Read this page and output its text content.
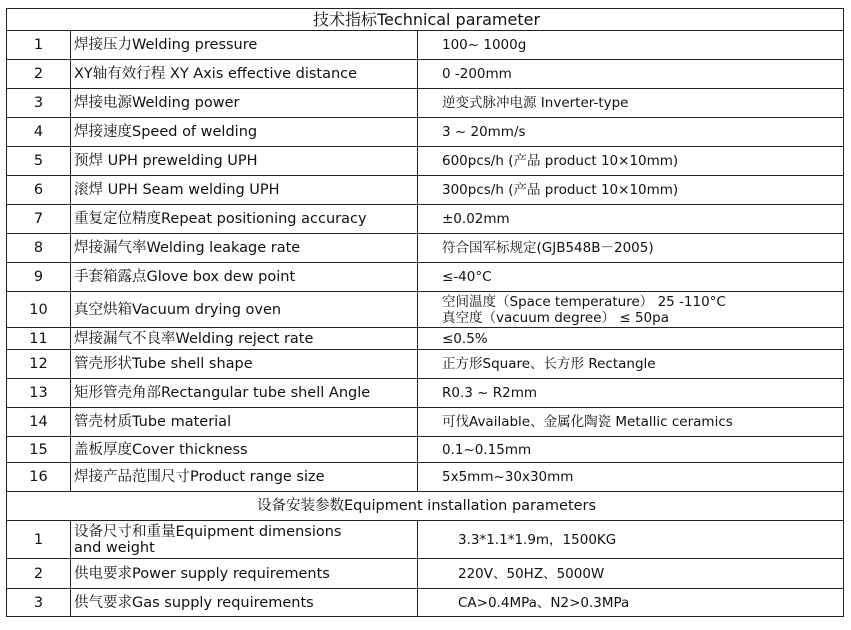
技术指标Technical parameter		
1	焊接压力Welding pressure	100~ 1000g
2	XY轴有效行程 XY Axis effective distance	0 -200mm
3	焊接电源Welding power	逆变式脉冲电源 Inverter-type
4	焊接速度Speed of welding	3 ~ 20mm/s
5	预焊 UPH prewelding UPH	600pcs/h (产品 product 10×10mm)
6	滚焊 UPH Seam welding UPH	300pcs/h (产品 product 10×10mm)
7	重复定位精度Repeat positioning accuracy	±0.02mm
8	焊接漏气率Welding leakage rate	符合国军标规定(GJB548B－2005)
9	手套箱露点Glove box dew point	≤-40°C
10	真空烘箱Vacuum drying oven	空间温度（Space temperature） 25 -110°C
真空度（vacuum degree） ≤ 50pa

11	焊接漏气不良率Welding reject rate	≤0.5%
12	管壳形状Tube shell shape	正方形Square、长方形 Rectangle
13	矩形管壳角部Rectangular tube shell Angle	R0.3 ~ R2mm
14	管壳材质Tube material	可伐Available、金属化陶瓷 Metallic ceramics
15	盖板厚度Cover thickness	0.1~0.15mm
16	焊接产品范围尺寸Product range size	5x5mm~30x30mm
设备安装参数Equipment installation parameters		
1	设备尺寸和重量Equipment dimensions
and weight	3.3*1.1*1.9m，1500KG
2	供电要求Power supply requirements	220V、50HZ、5000W
3	供气要求Gas supply requirements	CA>0.4MPa、N2>0.3MPa
